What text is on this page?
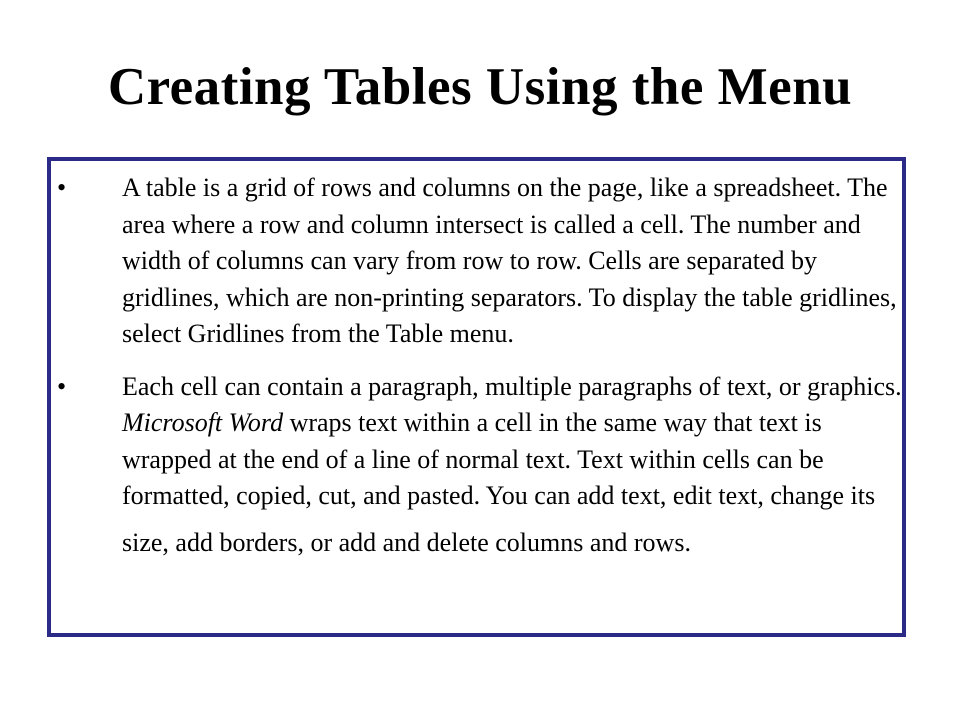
Creating Tables Using the Menu
•	A table is a grid of rows and columns on the page, like a spreadsheet. The area where a row and column intersect is called a cell. The number and width of columns can vary from row to row. Cells are separated by gridlines, which are non-printing separators. To display the table gridlines, select Gridlines from the Table menu.
•	Each cell can contain a paragraph, multiple paragraphs of text, or graphics. Microsoft Word wraps text within a cell in the same way that text is wrapped at the end of a line of normal text. Text within cells can be formatted, copied, cut, and pasted. You can add text, edit text, change its size, add borders, or add and delete columns and rows.
